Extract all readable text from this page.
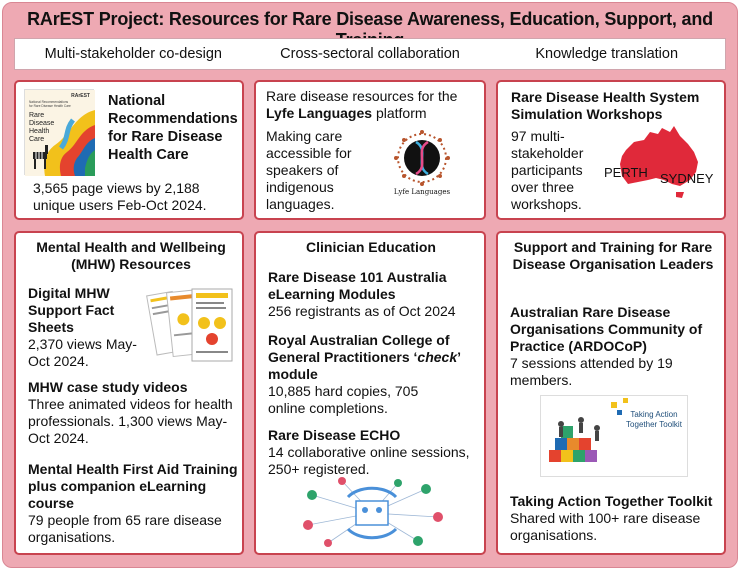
RArEST Project: Resources for Rare Disease Awareness, Education, Support, and
Multi-stakeholder co-design	Cross-sectoral collaboration	Knowledge translation
RArEST
National Recommendations for Rare Disease Health Care
Rare Disease Health Care
National Recommendations for Rare Disease Health Care
3,565 page views by 2,188 unique users Feb-Oct 2024.
Rare disease resources for the
Lyfe Languages platform
Making care accessible for speakers of indigenous languages.
Lyfe Languages
Rare Disease Health System Simulation Workshops
97 multi-stakeholder participants over three workshops.
PERTH SYDNEY
Mental Health and Wellbeing (MHW) Resources
Digital MHW Support Fact Sheets
2,370 views May-Oct 2024.
MHW case study videos
Three animated videos for health professionals. 1,300 views May-Oct 2024.
Mental Health First Aid Training plus companion eLearning course
79 people from 65 rare disease organisations.
Clinician Education
Rare Disease 101 Australia eLearning Modules
256 registrants as of Oct 2024
Royal Australian College of General Practitioners ‘check’ module
10,885 hard copies, 705 online completions.
Rare Disease ECHO
14 collaborative online sessions, 250+ registered.
Support and Training for Rare Disease Organisation Leaders
Australian Rare Disease Organisations Community of Practice (ARDOCoP)
7 sessions attended by 19 members.
Taking Action Together Toolkit
Taking Action Together Toolkit
Shared with 100+ rare disease organisations.
